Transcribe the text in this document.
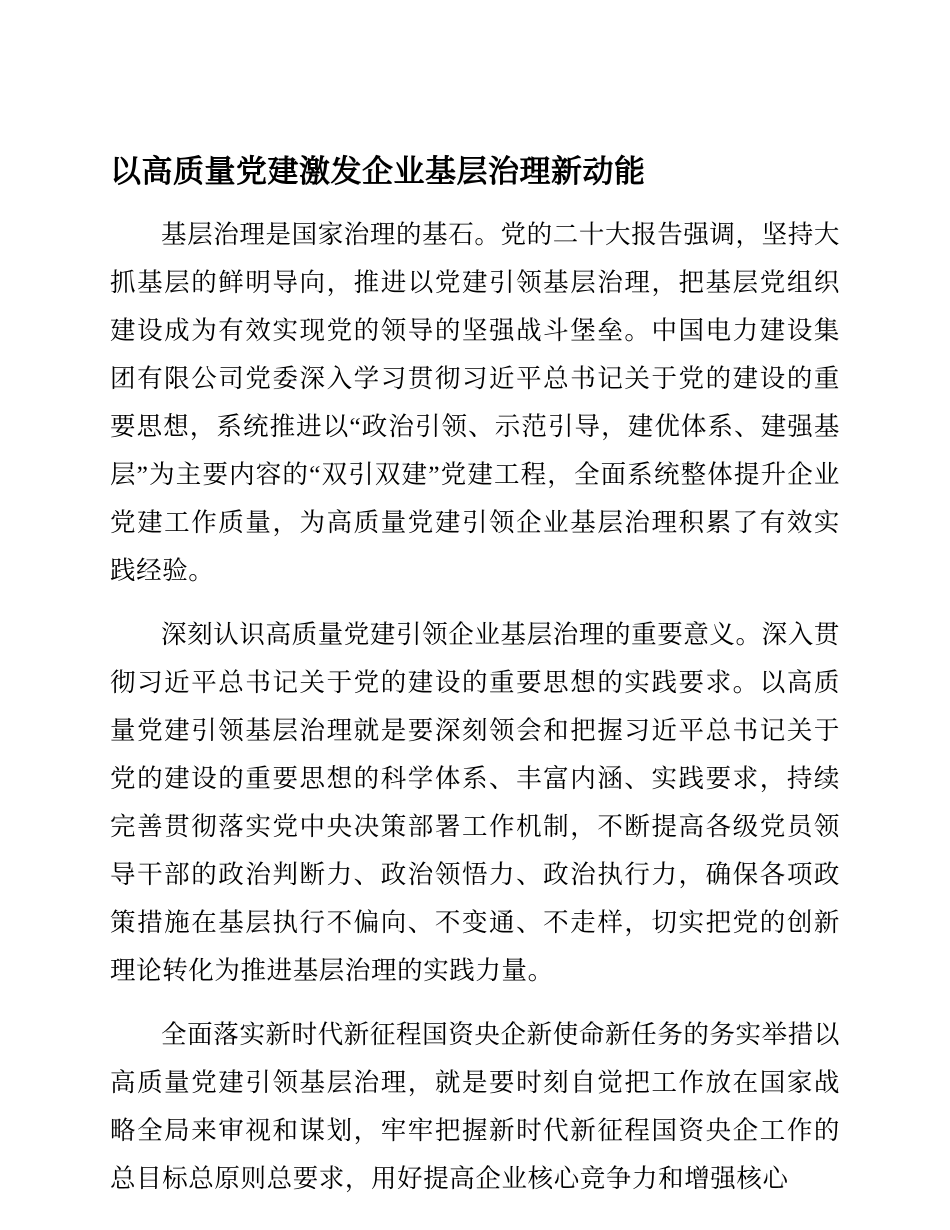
以高质量党建激发企业基层治理新动能

基层治理是国家治理的基石。党的二十大报告强调，坚持大抓基层的鲜明导向，推进以党建引领基层治理，把基层党组织建设成为有效实现党的领导的坚强战斗堡垒。中国电力建设集团有限公司党委深入学习贯彻习近平总书记关于党的建设的重要思想，系统推进以“政治引领、示范引导，建优体系、建强基层”为主要内容的“双引双建”党建工程，全面系统整体提升企业党建工作质量，为高质量党建引领企业基层治理积累了有效实践经验。

深刻认识高质量党建引领企业基层治理的重要意义。深入贯彻习近平总书记关于党的建设的重要思想的实践要求。以高质量党建引领基层治理就是要深刻领会和把握习近平总书记关于党的建设的重要思想的科学体系、丰富内涵、实践要求，持续完善贯彻落实党中央决策部署工作机制，不断提高各级党员领导干部的政治判断力、政治领悟力、政治执行力，确保各项政策措施在基层执行不偏向、不变通、不走样，切实把党的创新理论转化为推进基层治理的实践力量。

全面落实新时代新征程国资央企新使命新任务的务实举措以高质量党建引领基层治理，就是要时刻自觉把工作放在国家战略全局来审视和谋划，牢牢把握新时代新征程国资央企工作的总目标总原则总要求，用好提高企业核心竞争力和增强核心
